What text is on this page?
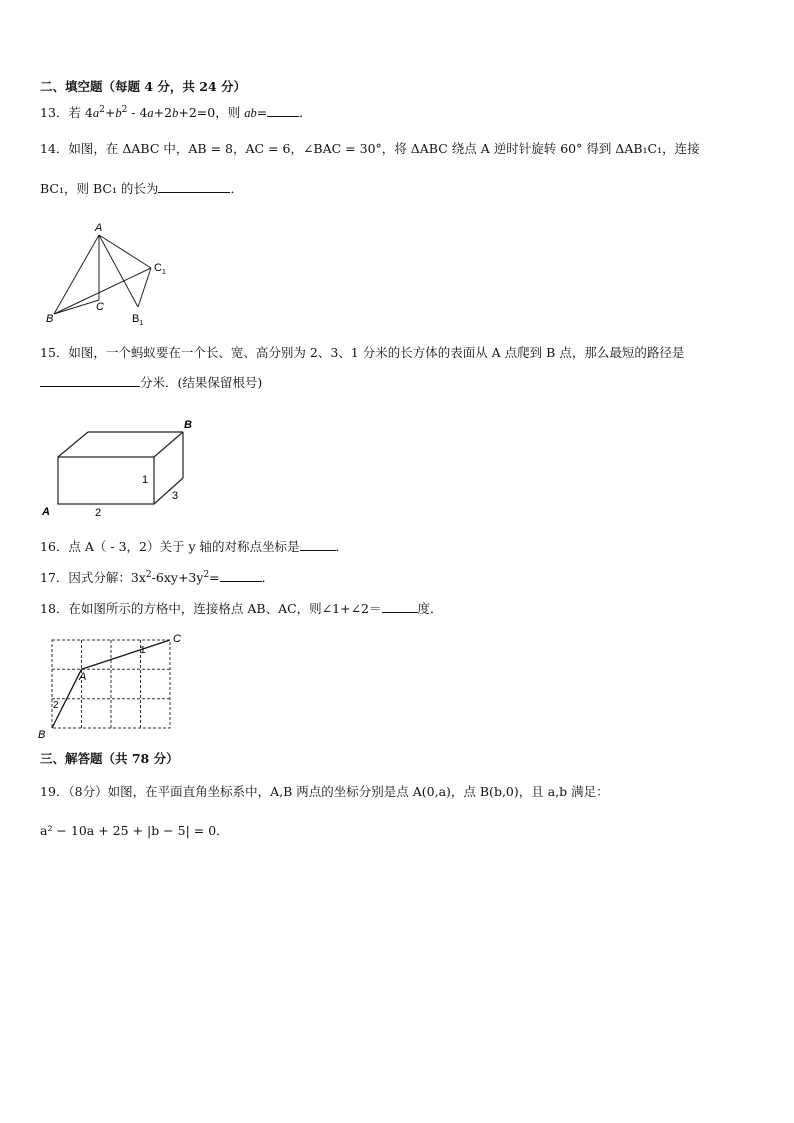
二、填空题（每题 4 分，共 24 分）
13．若 $4a^2+b^2 - 4a+2b+2=0$，则 ab=	．
14．如图，在 ΔABC 中，AB = 8，AC = 6，∠BAC = 30°，将 ΔABC 绕点 A 逆时针旋转 60° 得到 ΔAB₁C₁，连接
BC₁，则 BC₁ 的长为	．
A
B
C
$C_1$
$B_1$
15．如图，一个蚂蚁要在一个长、宽、高分别为 2、3、1 分米的长方体的表面从 A 点爬到 B 点，那么最短的路径是
分米．(结果保留根号)
B
A	2
1
3
16．点 A（ - 3，2）关于 y 轴的对称点坐标是	．
17．因式分解：$3x^2-6xy+3y^2=$	．
18．在如图所示的方格中，连接格点 AB、AC，则∠1+∠2＝	度．
A
B
C
1
2
三、解答题（共 78 分）
19．（8分）如图，在平面直角坐标系中，A,B 两点的坐标分别是点 A(0,a)，点 B(b,0)，且 a,b 满足：
a² − 10a + 25 + |b − 5| = 0．
